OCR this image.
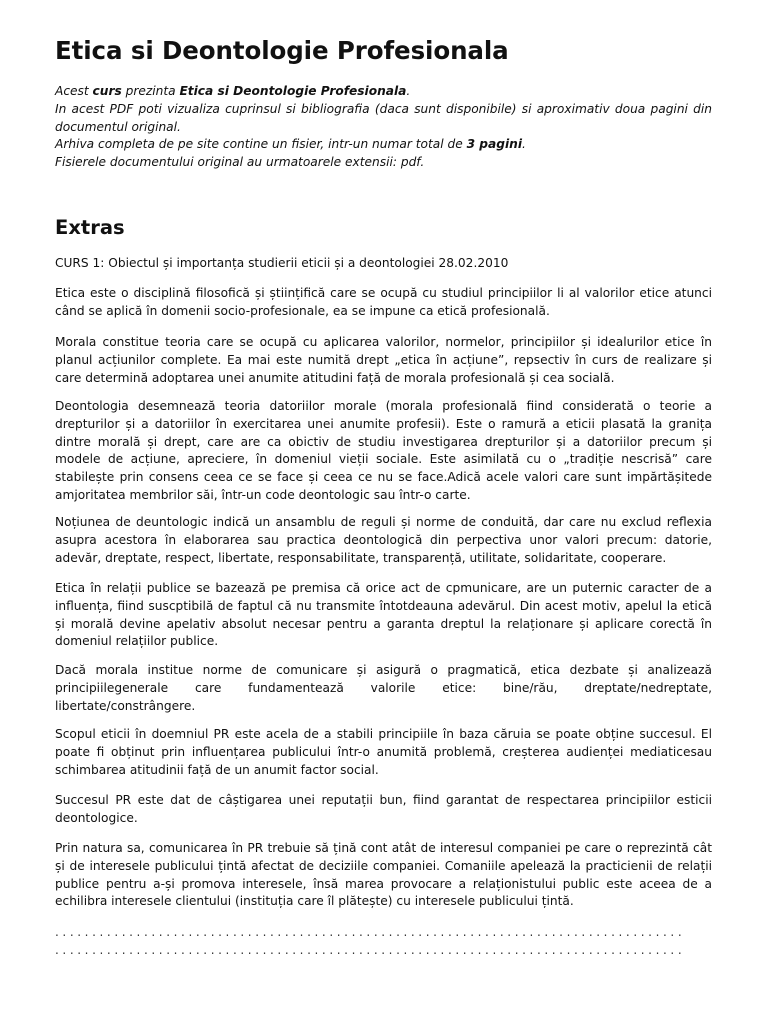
Etica si Deontologie Profesionala

Acest curs prezinta Etica si Deontologie Profesionala.

In acest PDF poti vizualiza cuprinsul si bibliografia (daca sunt disponibile) si aproximativ doua pagini din documentul original.

Arhiva completa de pe site contine un fisier, intr-un numar total de 3 pagini.

Fisierele documentului original au urmatoarele extensii: pdf.

Extras

CURS 1: Obiectul și importanța studierii eticii și a deontologiei 28.02.2010

Etica este o disciplină filosofică și științifică care se ocupă cu studiul principiilor li al valorilor etice atunci când se aplică în domenii socio-profesionale, ea se impune ca etică profesională.

Morala constitue teoria care se ocupă cu aplicarea valorilor, normelor, principiilor și idealurilor etice în planul acțiunilor complete. Ea mai este numită drept „etica în acțiune”, repsectiv în curs de realizare și care determină adoptarea unei anumite atitudini față de morala profesională și cea socială.

Deontologia desemnează teoria datoriilor morale (morala profesională fiind considerată o teorie a drepturilor și a datoriilor în exercitarea unei anumite profesii). Este o ramură a eticii plasată la granița dintre morală și drept, care are ca obictiv de studiu investigarea drepturilor și a datoriilor precum și modele de acțiune, apreciere, în domeniul vieții sociale. Este asimilată cu o „tradiție nescrisă” care stabilește prin consens ceea ce se face și ceea ce nu se face.Adică acele valori care sunt impărtășitede amjoritatea membrilor săi, într-un code deontologic sau într-o carte.

Noțiunea de deuntologic indică un ansamblu de reguli și norme de conduită, dar care nu exclud reflexia asupra acestora în elaborarea sau practica deontologică din perpectiva unor valori precum: datorie, adevăr, dreptate, respect, libertate, responsabilitate, transparență, utilitate, solidaritate, cooperare.

Etica în relații publice se bazează pe premisa că orice act de cpmunicare, are un puternic caracter de a influența, fiind suscptibilă de faptul că nu transmite întotdeauna adevărul. Din acest motiv, apelul la etică și morală devine apelativ absolut necesar pentru a garanta dreptul la relaționare și aplicare corectă în domeniul relațiilor publice.

Dacă morala institue norme de comunicare și asigură o pragmatică, etica dezbate și analizează principiilegenerale care fundamentează valorile etice: bine/rău, dreptate/nedreptate, libertate/constrângere.

Scopul eticii în doemniul PR este acela de a stabili principiile în baza căruia se poate obține succesul. El poate fi obținut prin influențarea publicului într-o anumită problemă, creșterea audienței mediaticesau schimbarea atitudinii față de un anumit factor social.

Succesul PR este dat de câștigarea unei reputații bun, fiind garantat de respectarea principiilor esticii deontologice.

Prin natura sa, comunicarea în PR trebuie să țină cont atât de interesul companiei pe care o reprezintă cât și de interesele publicului țintă afectat de deciziile companiei. Comaniile apelează la practicienii de relații publice pentru a-și promova interesele, însă marea provocare a relaționistului public este aceea de a echilibra interesele clientului (instituția care îl plătește) cu interesele publicului țintă.

.....................................................................................
.....................................................................................
